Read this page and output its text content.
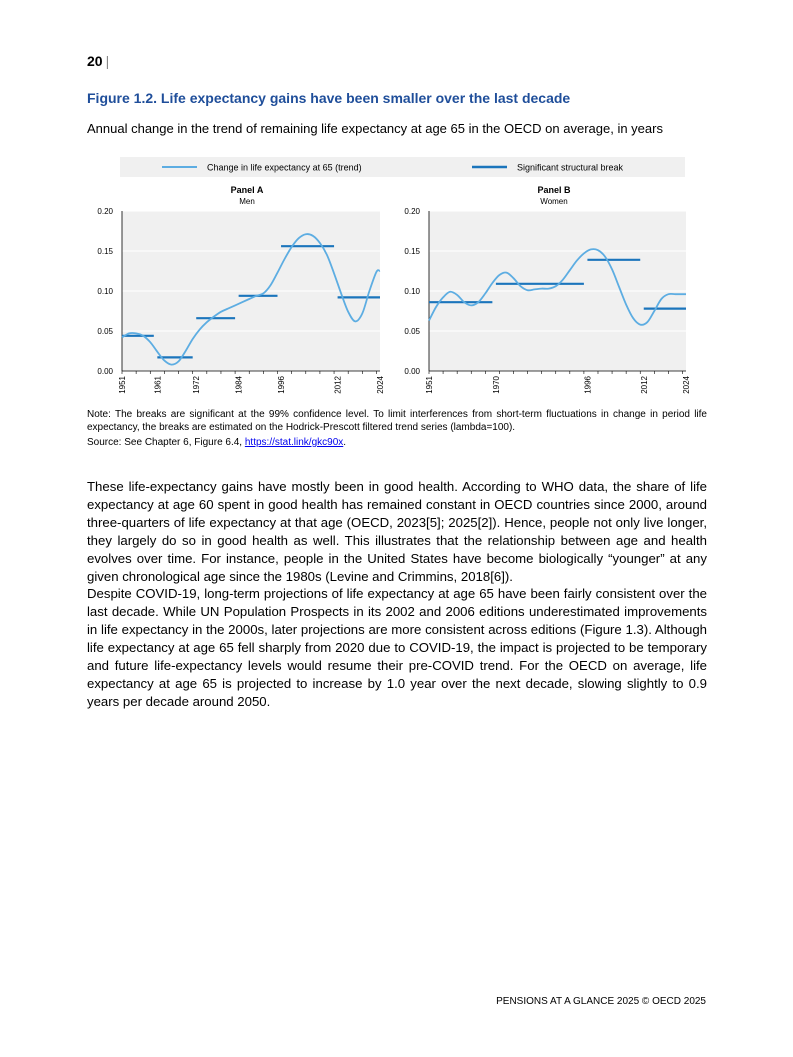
20 |
Figure 1.2. Life expectancy gains have been smaller over the last decade
Annual change in the trend of remaining life expectancy at age 65 in the OECD on average, in years
Change in life expectancy at 65 (trend)	Significant structural break
0.00
0.05
0.10
0.15
0.20
1951	1961	1972	1984	1996	2012	2024
Panel A
Men
0.00
0.05
0.10
0.15
0.20
1951	1970	1996	2012	2024
Panel B
Women
Note: The breaks are significant at the 99% confidence level. To limit interferences from short-term fluctuations in change in period life expectancy, the breaks are estimated on the Hodrick-Prescott filtered trend series (lambda=100).
Source: See Chapter 6, Figure 6.4, https://stat.link/gkc90x.
These life-expectancy gains have mostly been in good health. According to WHO data, the share of life expectancy at age 60 spent in good health has remained constant in OECD countries since 2000, around three-quarters of life expectancy at that age (OECD, 2023[5]; 2025[2]). Hence, people not only live longer, they largely do so in good health as well. This illustrates that the relationship between age and health evolves over time. For instance, people in the United States have become biologically “younger” at any given chronological age since the 1980s (Levine and Crimmins, 2018[6]).
Despite COVID-19, long-term projections of life expectancy at age 65 have been fairly consistent over the last decade. While UN Population Prospects in its 2002 and 2006 editions underestimated improvements in life expectancy in the 2000s, later projections are more consistent across editions (Figure 1.3). Although life expectancy at age 65 fell sharply from 2020 due to COVID-19, the impact is projected to be temporary and future life-expectancy levels would resume their pre-COVID trend. For the OECD on average, life expectancy at age 65 is projected to increase by 1.0 year over the next decade, slowing slightly to 0.9 years per decade around 2050.
PENSIONS AT A GLANCE 2025 © OECD 2025
